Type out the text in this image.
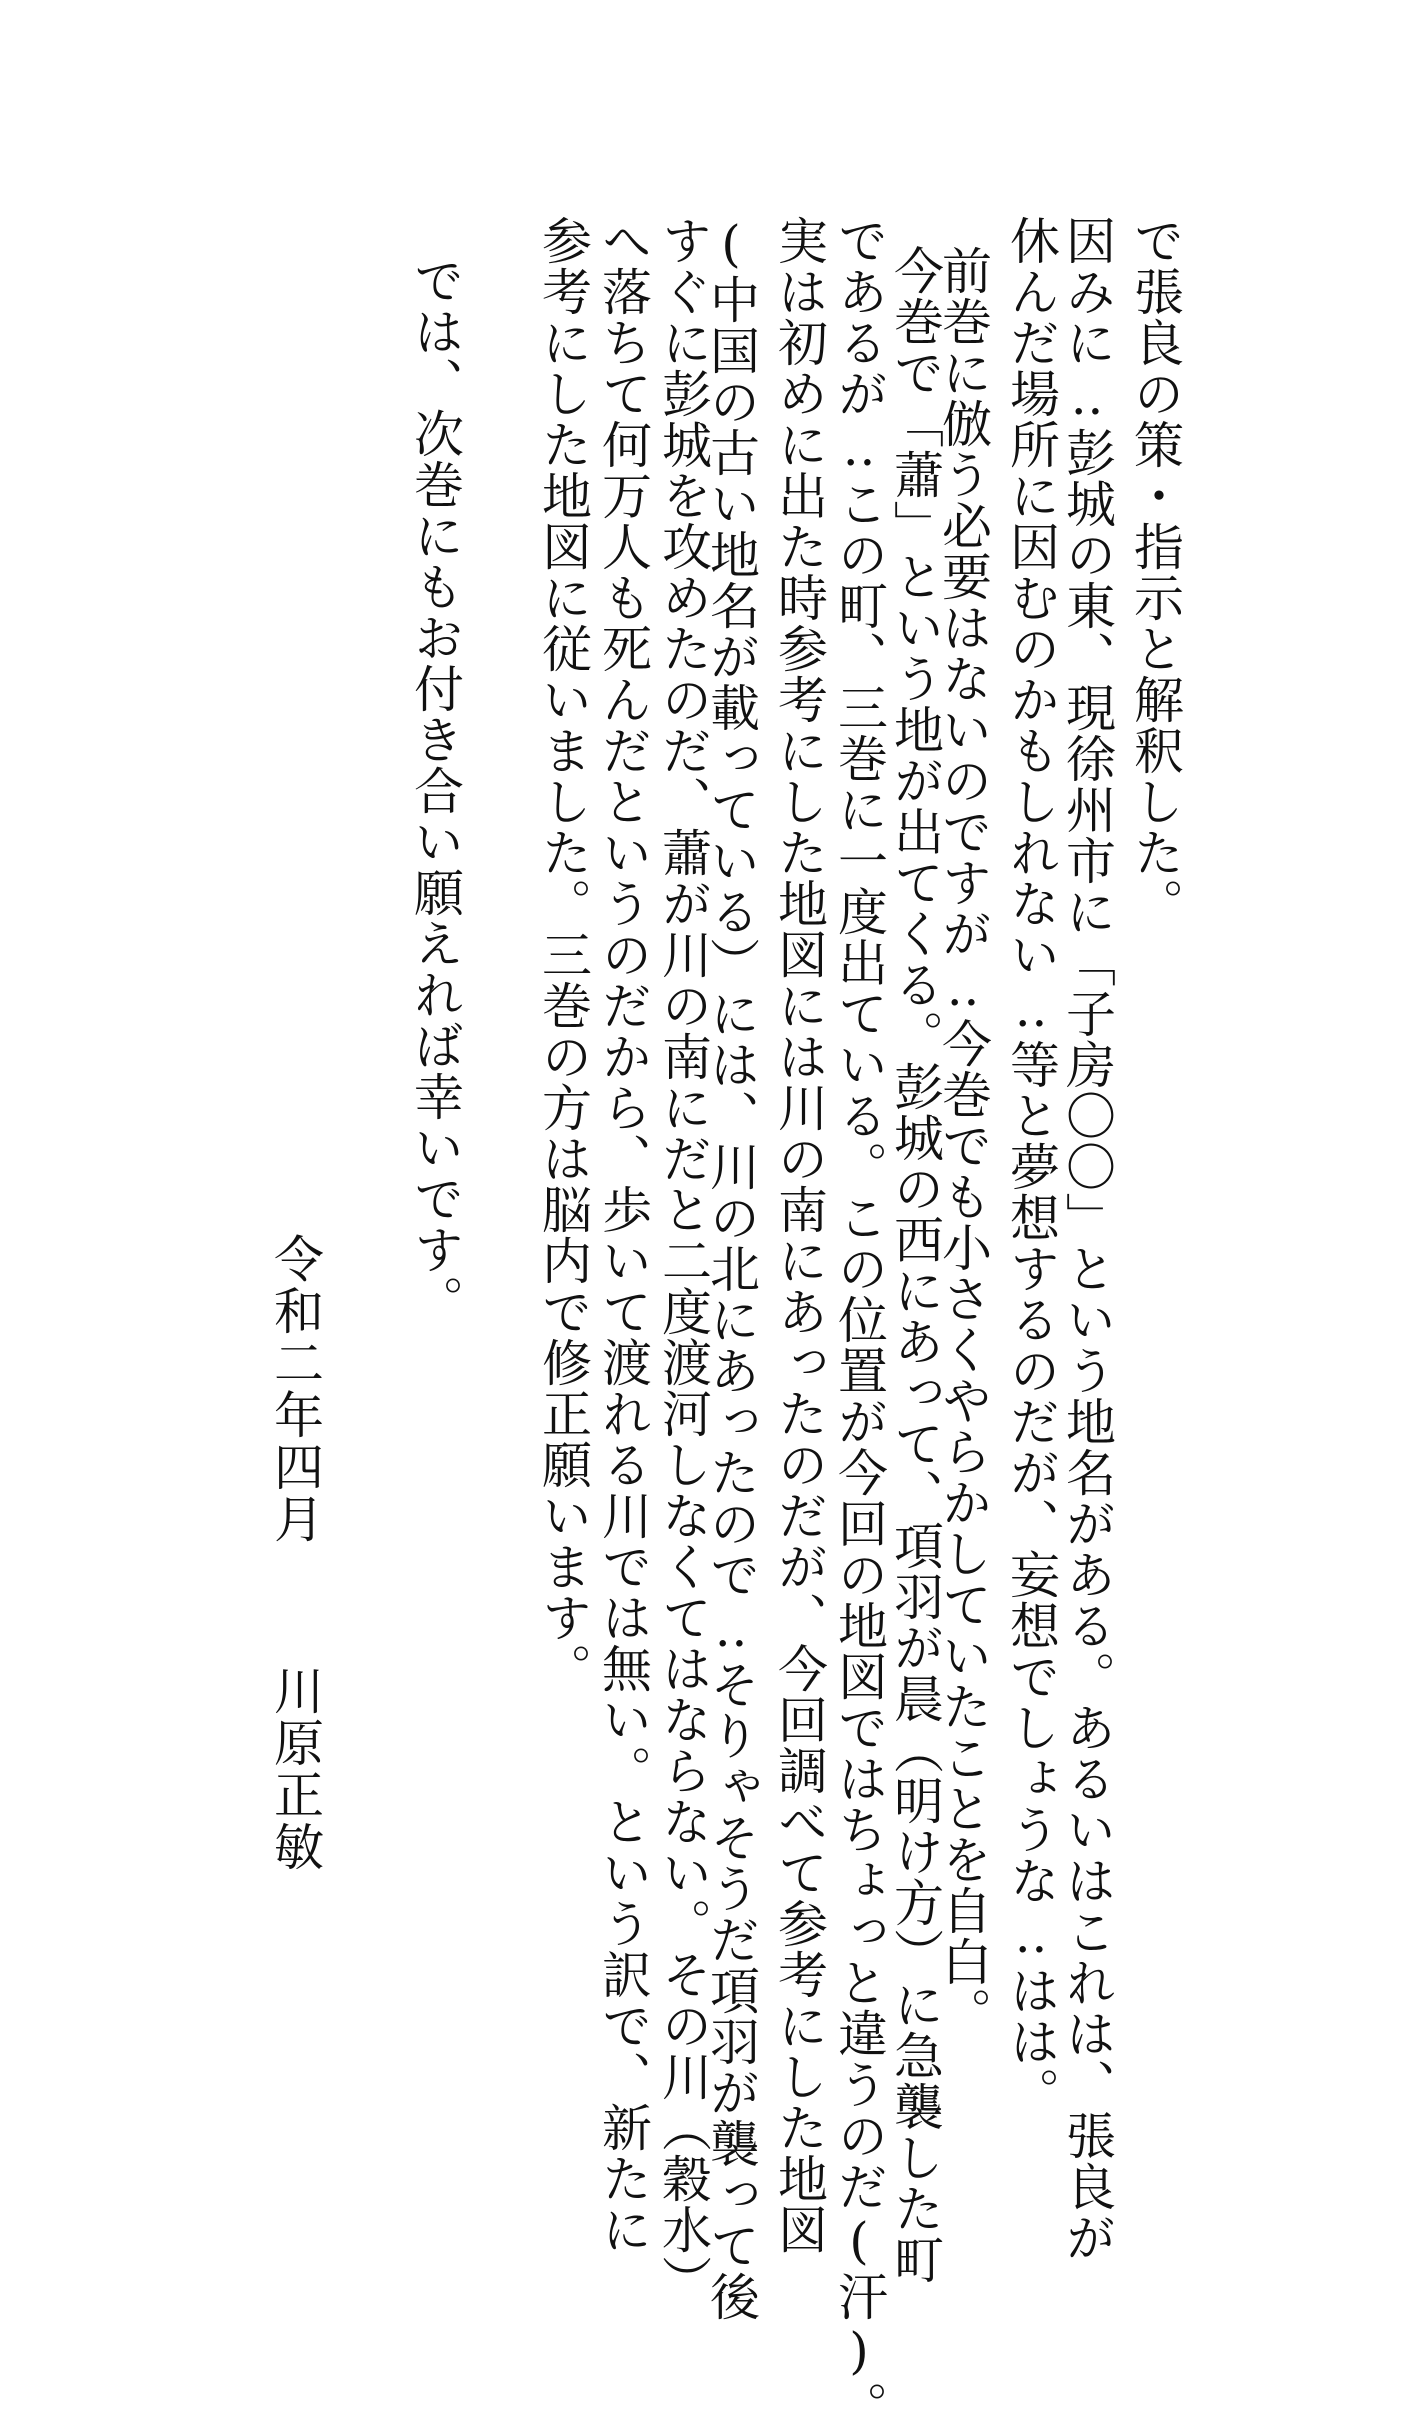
で張良の策・指示と解釈した。
因みに‥彭城の東、現徐州市に「子房〇〇」という地名がある。あるいはこれは、張良が
休んだ場所に因むのかもしれない‥等と夢想するのだが、妄想でしょうな‥はは。
前巻に倣う必要はないのですが‥今巻でも小さくやらかしていたことを自白。
今巻で「蕭」という地が出てくる。彭城の西にあって、項羽が晨（明け方）に急襲した町
であるが‥この町、三巻に一度出ている。この位置が今回の地図ではちょっと違うのだ(汗)。
実は初めに出た時参考にした地図には川の南にあったのだが、今回調べて参考にした地図
(中国の古い地名が載っている）には、川の北にあったので‥そりゃそうだ項羽が襲って後
すぐに彭城を攻めたのだ、蕭が川の南にだと二度渡河しなくてはならない。その川（穀水）
へ落ちて何万人も死んだというのだから、歩いて渡れる川では無い。という訳で、新たに
参考にした地図に従いました。三巻の方は脳内で修正願います。
では、次巻にもお付き合い願えれば幸いです。
令和二年四月
川原正敏
